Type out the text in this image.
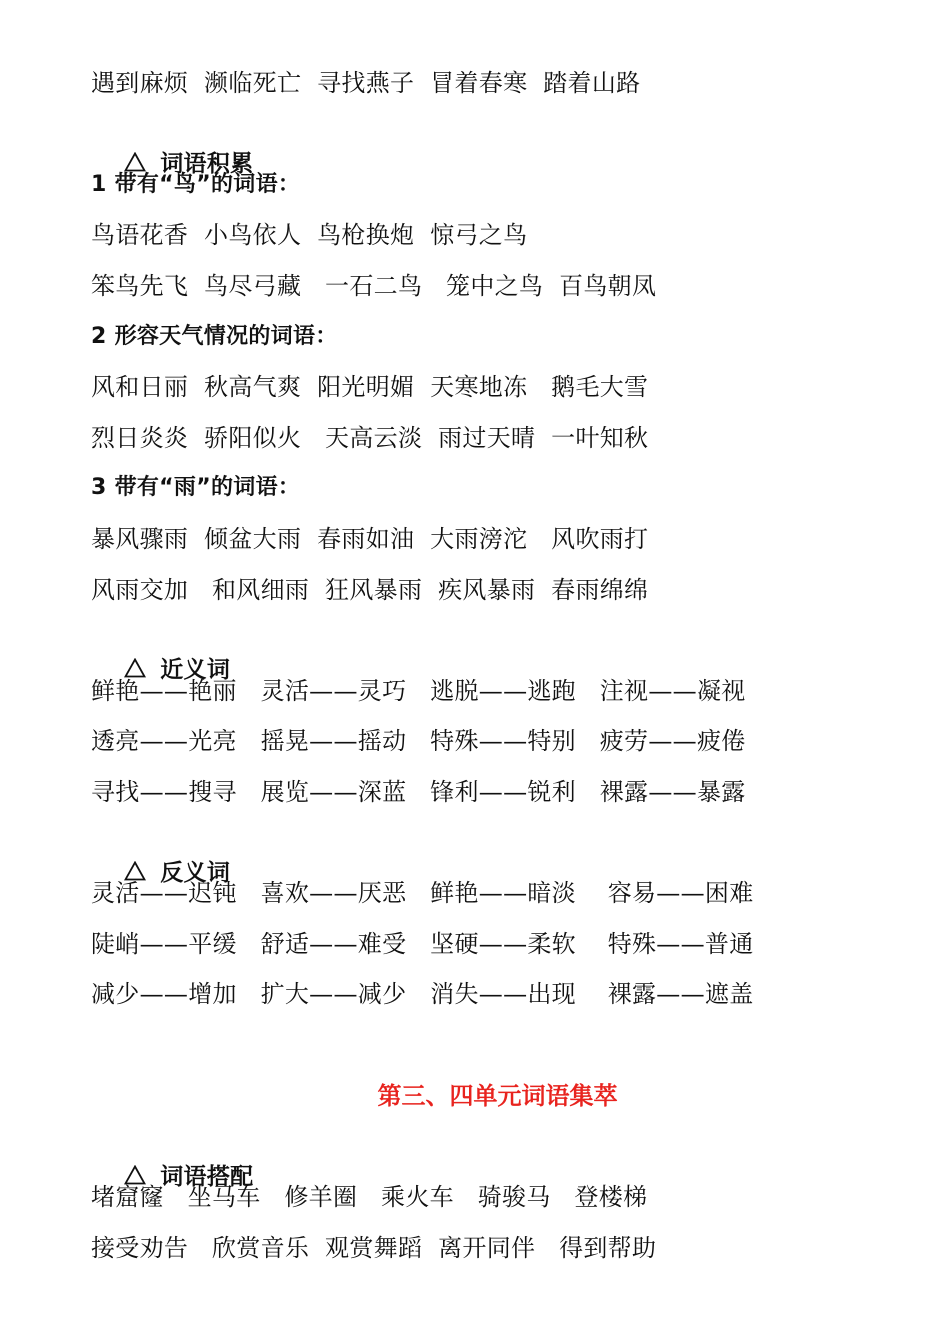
遇到麻烦  濒临死亡  寻找燕子  冒着春寒  踏着山路

词语积累

1 带有“鸟”的词语：
鸟语花香  小鸟依人  鸟枪换炮  惊弓之鸟
笨鸟先飞  鸟尽弓藏   一石二鸟   笼中之鸟  百鸟朝凤
2 形容天气情况的词语：
风和日丽  秋高气爽  阳光明媚  天寒地冻   鹅毛大雪
烈日炎炎  骄阳似火   天高云淡  雨过天晴  一叶知秋
3 带有“雨”的词语：
暴风骤雨  倾盆大雨  春雨如油  大雨滂沱   风吹雨打
风雨交加   和风细雨  狂风暴雨  疾风暴雨  春雨绵绵

近义词

鲜艳——艳丽   灵活——灵巧   逃脱——逃跑   注视——凝视
透亮——光亮   摇晃——摇动   特殊——特别   疲劳——疲倦
寻找——搜寻   展览——深蓝   锋利——锐利   裸露——暴露

反义词

灵活——迟钝   喜欢——厌恶   鲜艳——暗淡    容易——困难
陡峭——平缓   舒适——难受   坚硬——柔软    特殊——普通
减少——增加   扩大——减少   消失——出现    裸露——遮盖
第三、四单元词语集萃

词语搭配

堵窟窿   坐马车   修羊圈   乘火车   骑骏马   登楼梯
接受劝告   欣赏音乐  观赏舞蹈  离开同伴   得到帮助
